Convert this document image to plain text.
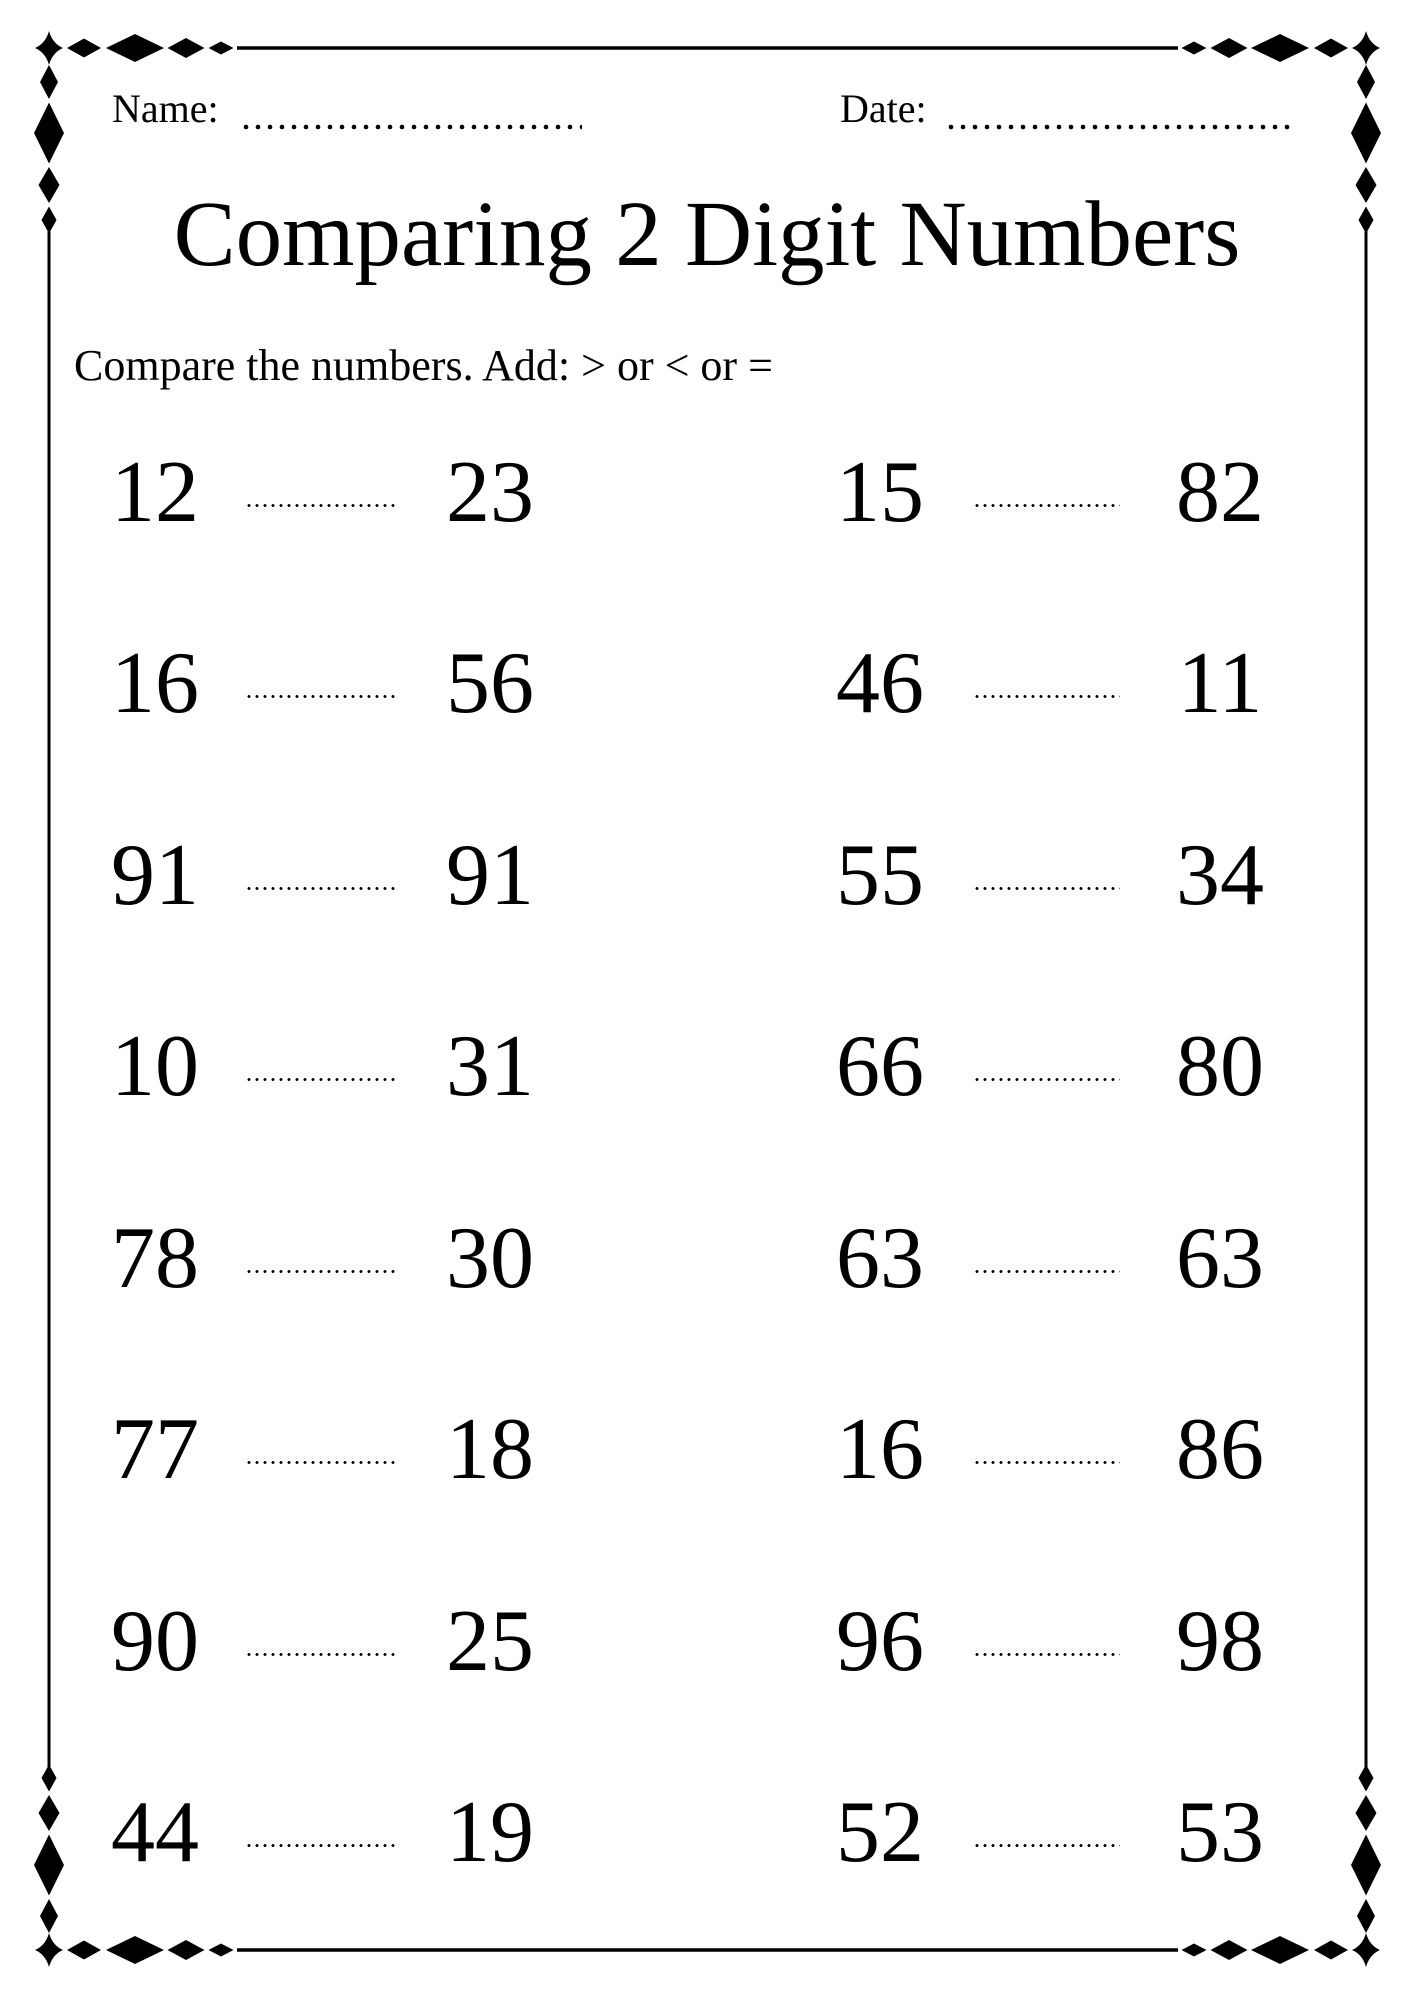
Name:	Date:
Comparing 2 Digit Numbers
Compare the numbers. Add: > or < or =
12	23	15	82
16	56	46	11
91	91	55	34
10	31	66	80
78	30	63	63
77	18	16	86
90	25	96	98
44	19	52	53
